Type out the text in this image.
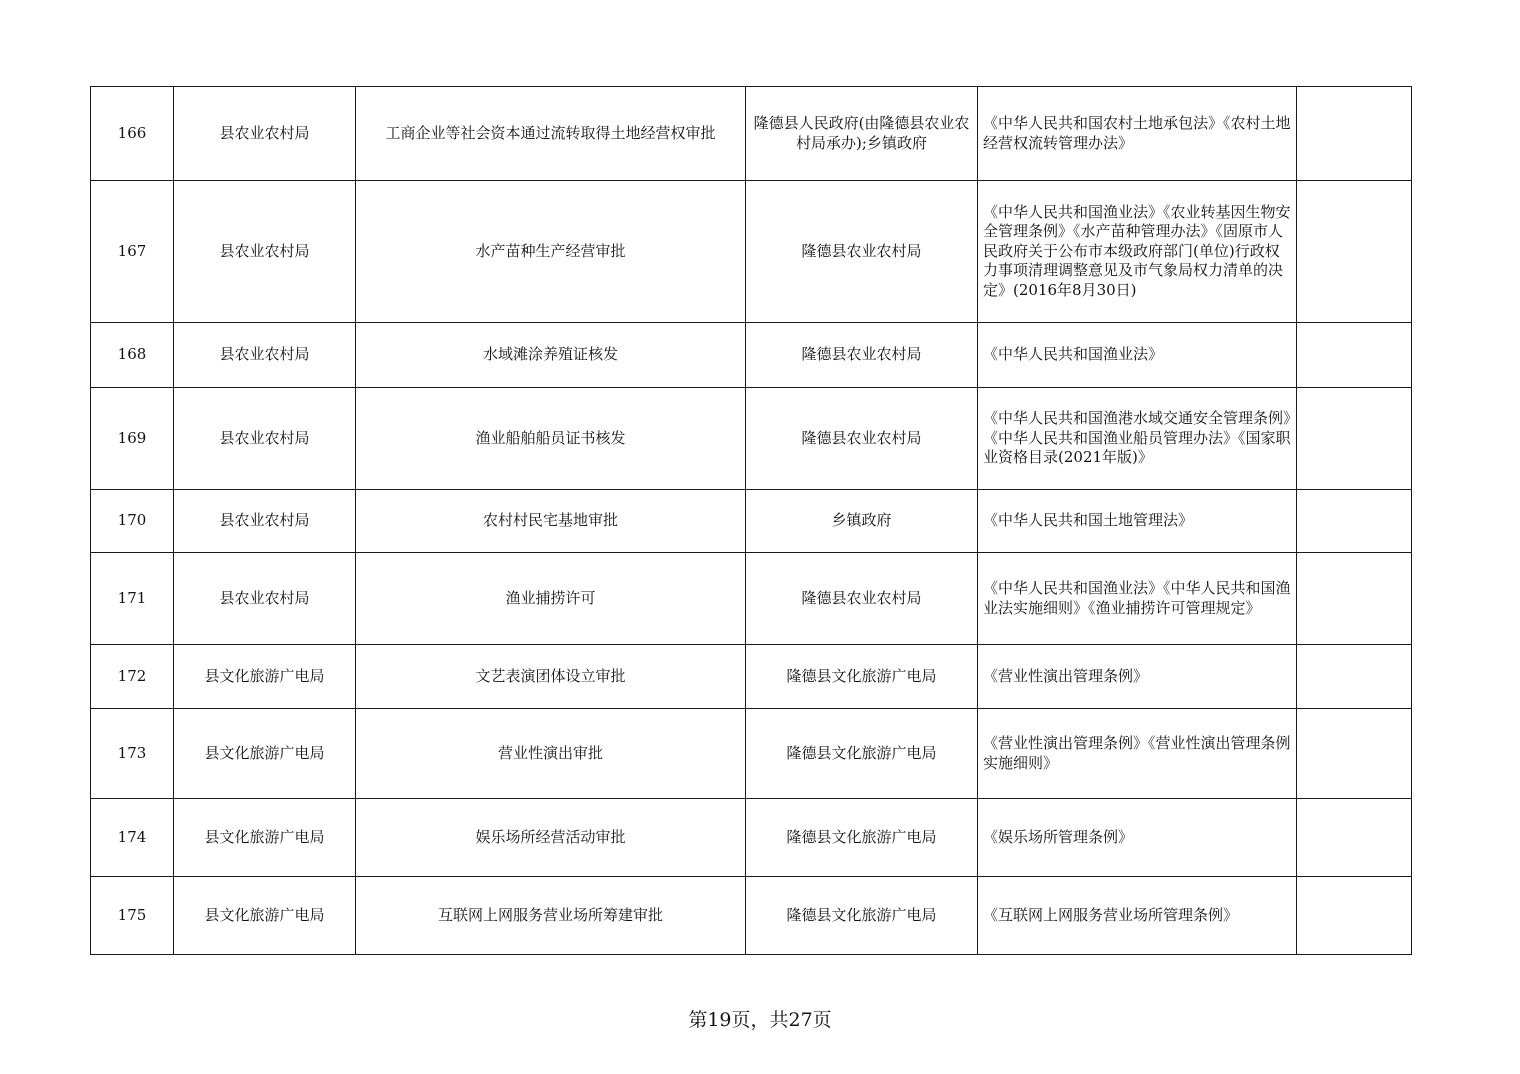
166	县农业农村局	工商企业等社会资本通过流转取得土地经营权审批	隆德县人民政府(由隆德县农业农村局承办);乡镇政府	《中华人民共和国农村土地承包法》《农村土地经营权流转管理办法》	
167	县农业农村局	水产苗种生产经营审批	隆德县农业农村局	《中华人民共和国渔业法》《农业转基因生物安全管理条例》《水产苗种管理办法》《固原市人民政府关于公布市本级政府部门(单位)行政权力事项清理调整意见及市气象局权力清单的决定》(2016年8月30日)	
168	县农业农村局	水域滩涂养殖证核发	隆德县农业农村局	《中华人民共和国渔业法》	
169	县农业农村局	渔业船舶船员证书核发	隆德县农业农村局	《中华人民共和国渔港水域交通安全管理条例》《中华人民共和国渔业船员管理办法》《国家职业资格目录(2021年版)》	
170	县农业农村局	农村村民宅基地审批	乡镇政府	《中华人民共和国土地管理法》	
171	县农业农村局	渔业捕捞许可	隆德县农业农村局	《中华人民共和国渔业法》《中华人民共和国渔业法实施细则》《渔业捕捞许可管理规定》	
172	县文化旅游广电局	文艺表演团体设立审批	隆德县文化旅游广电局	《营业性演出管理条例》	
173	县文化旅游广电局	营业性演出审批	隆德县文化旅游广电局	《营业性演出管理条例》《营业性演出管理条例实施细则》	
174	县文化旅游广电局	娱乐场所经营活动审批	隆德县文化旅游广电局	《娱乐场所管理条例》	
175	县文化旅游广电局	互联网上网服务营业场所筹建审批	隆德县文化旅游广电局	《互联网上网服务营业场所管理条例》	
第19页，共27页
